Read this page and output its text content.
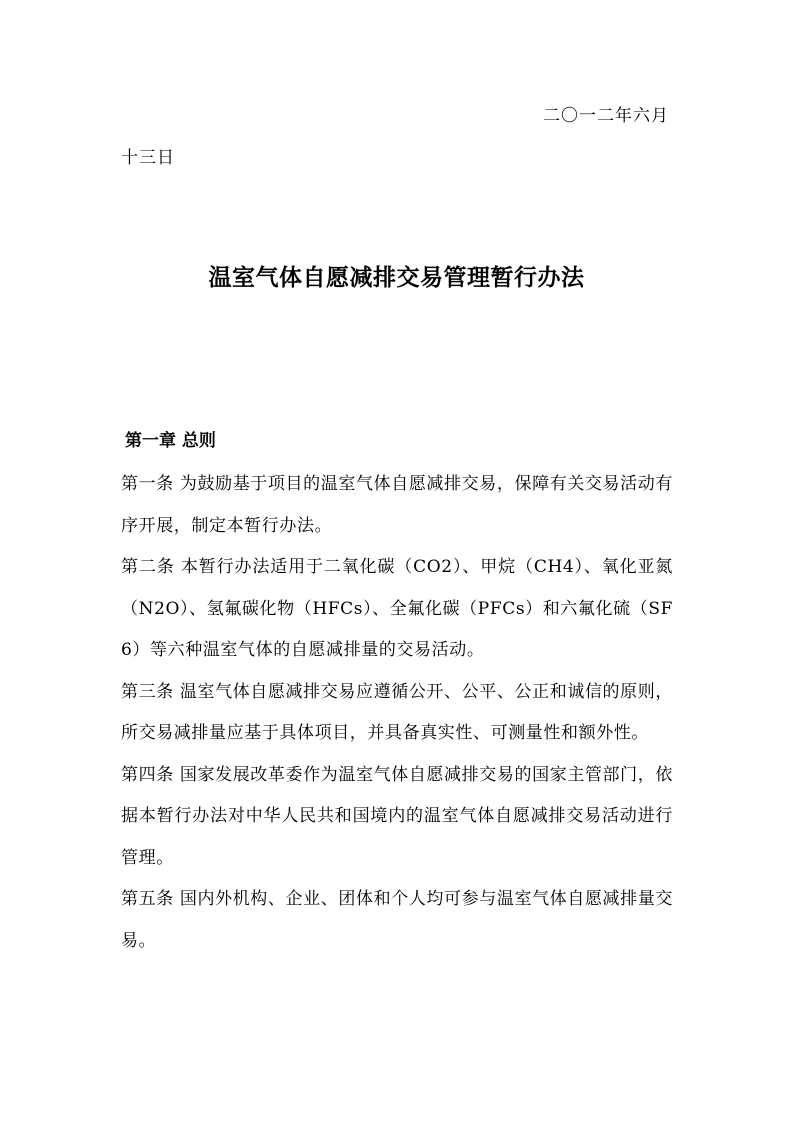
二〇一二年六月
十三日
温室气体自愿减排交易管理暂行办法
第一章 总则

第一条 为鼓励基于项目的温室气体自愿减排交易，保障有关交易活动有序开展，制定本暂行办法。

第二条 本暂行办法适用于二氧化碳（CO2）、甲烷（CH4）、氧化亚氮（N2O）、氢氟碳化物（HFCs）、全氟化碳（PFCs）和六氟化硫（SF6）等六种温室气体的自愿减排量的交易活动。

第三条 温室气体自愿减排交易应遵循公开、公平、公正和诚信的原则，所交易减排量应基于具体项目，并具备真实性、可测量性和额外性。

第四条 国家发展改革委作为温室气体自愿减排交易的国家主管部门，依据本暂行办法对中华人民共和国境内的温室气体自愿减排交易活动进行管理。

第五条 国内外机构、企业、团体和个人均可参与温室气体自愿减排量交易。
